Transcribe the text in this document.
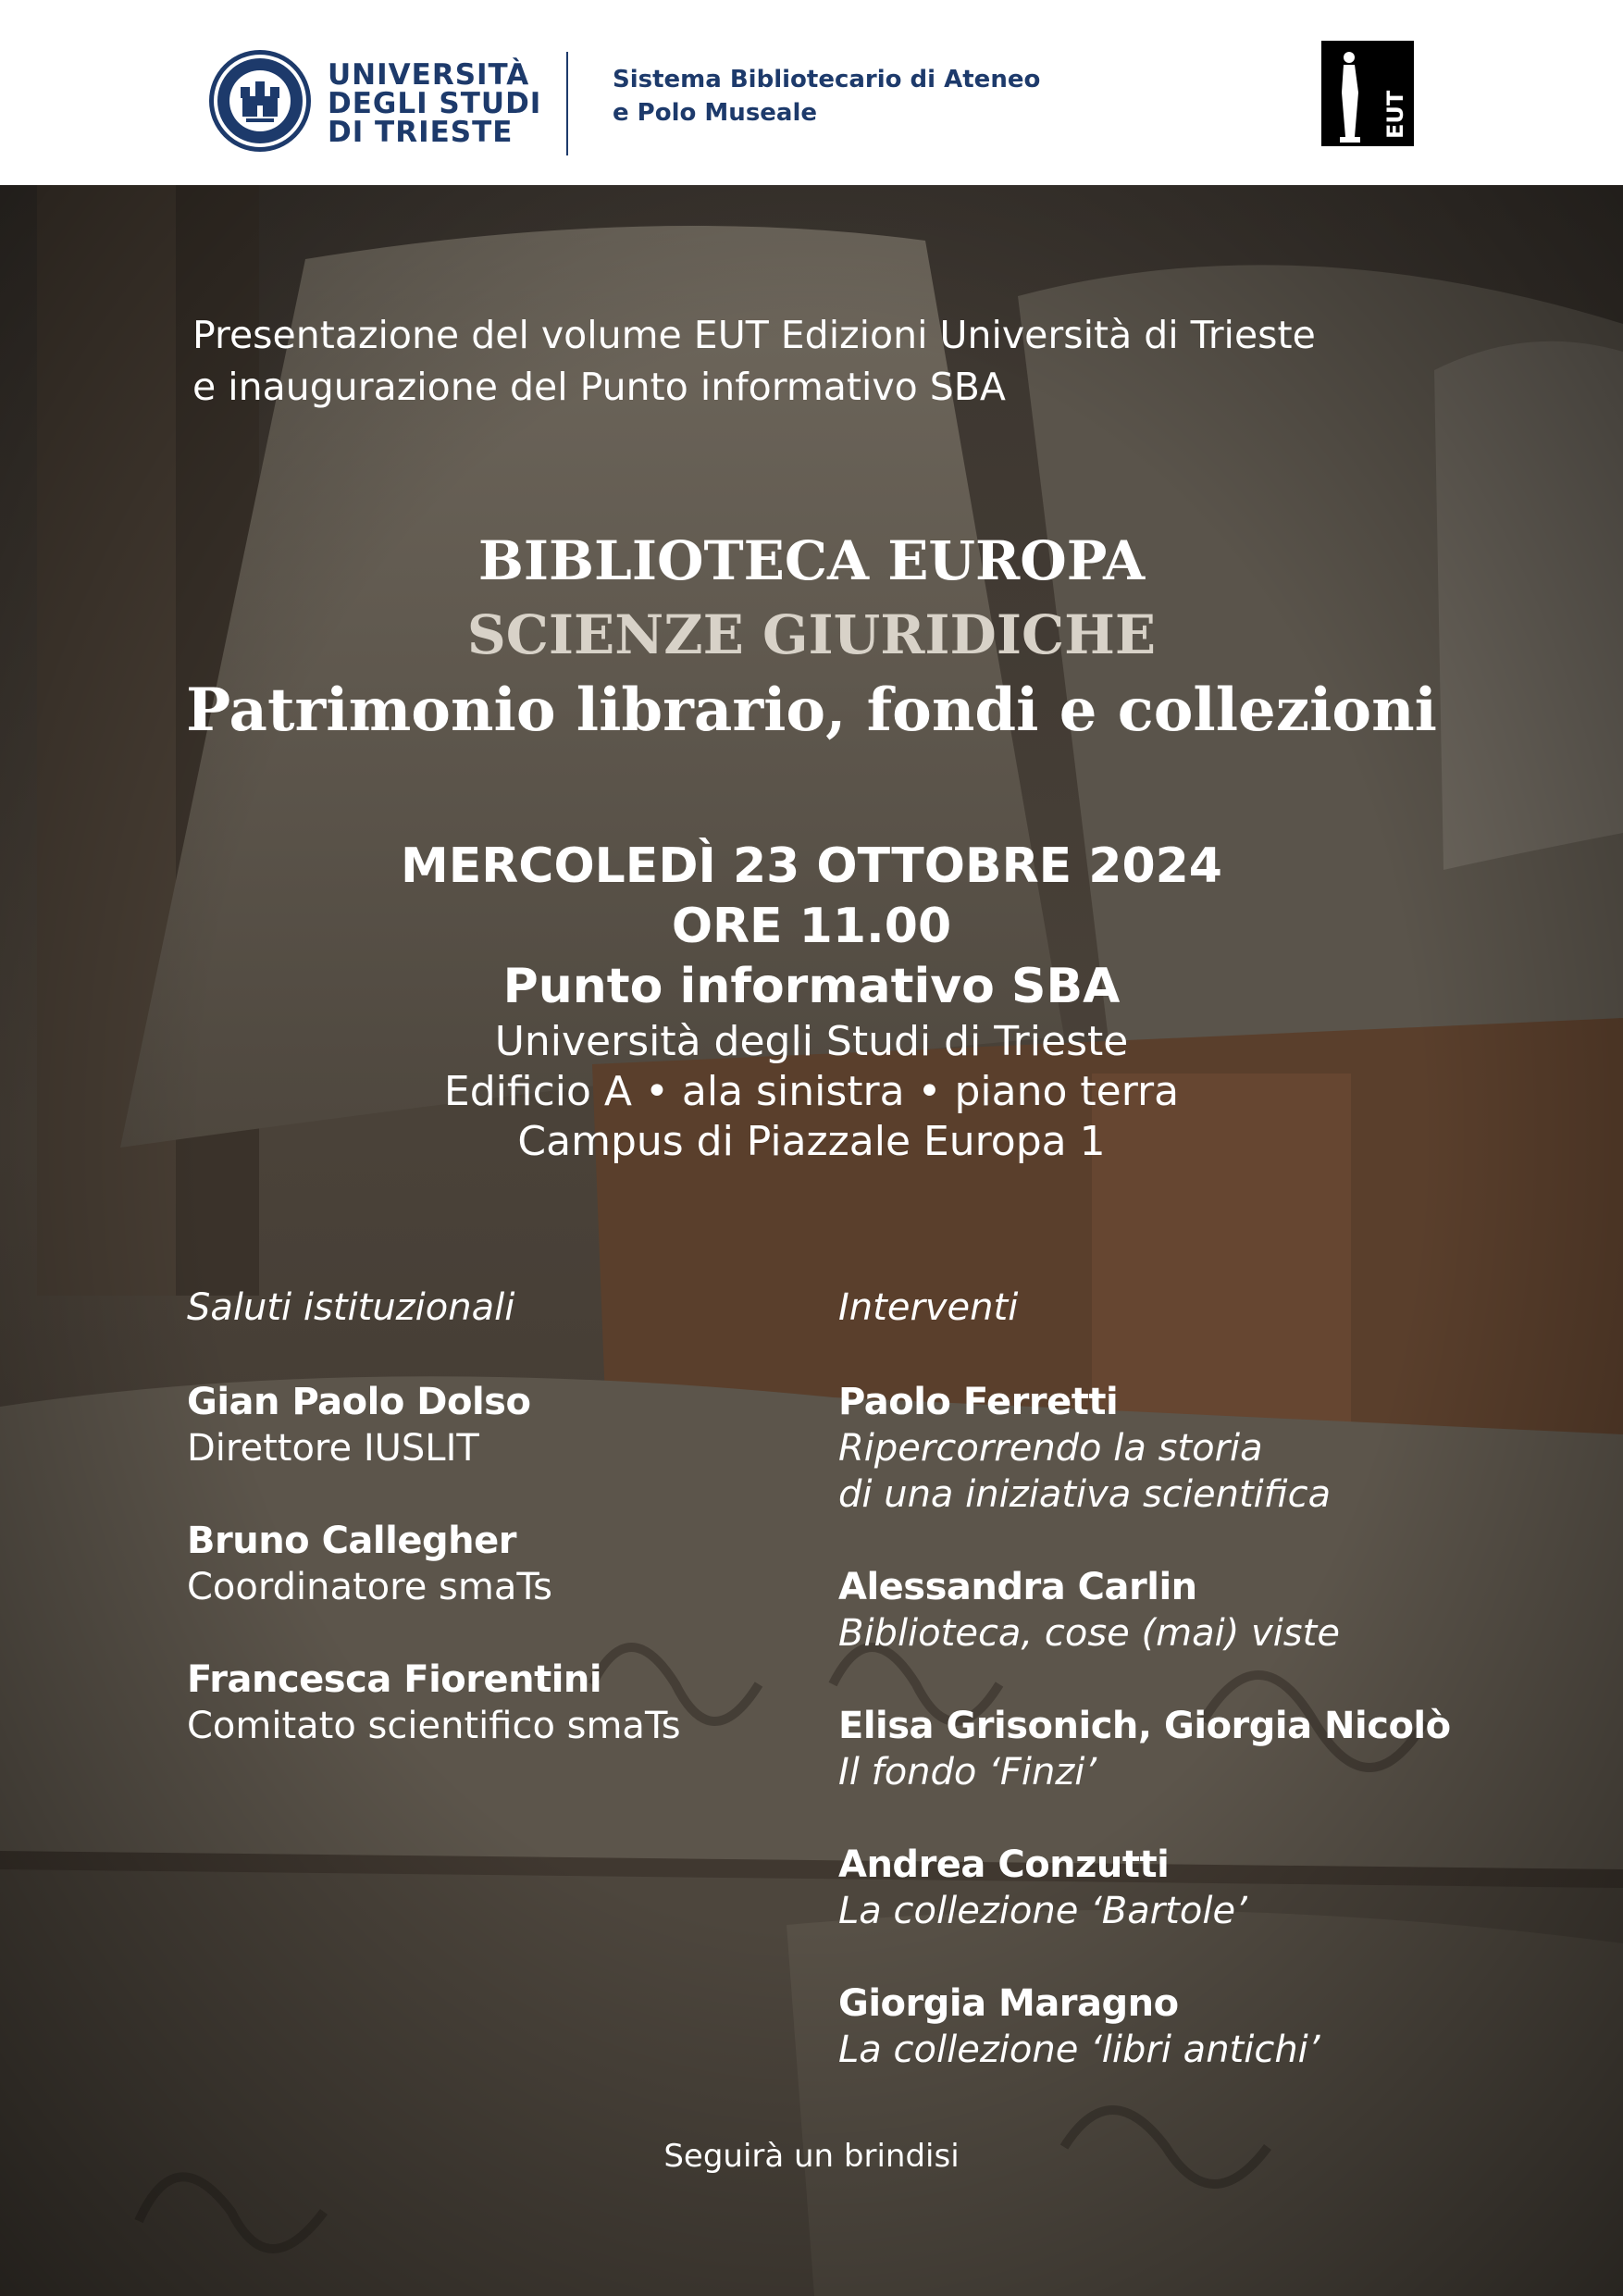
UNIVERSITÀ
DEGLI STUDI
DI TRIESTE
Sistema Bibliotecario di Ateneo
e Polo Museale	EUT
Presentazione del volume EUT Edizioni Università di Trieste
e inaugurazione del Punto informativo SBA
BIBLIOTECA EUROPA
SCIENZE GIURIDICHE
Patrimonio librario, fondi e collezioni
MERCOLEDÌ 23 OTTOBRE 2024
ORE 11.00
Punto informativo SBA
Università degli Studi di Trieste
Edificio A • ala sinistra • piano terra
Campus di Piazzale Europa 1
Saluti istituzionali
Gian Paolo Dolso
Direttore IUSLIT
Bruno Callegher
Coordinatore smaTs
Francesca Fiorentini
Comitato scientifico smaTs
Interventi
Paolo Ferretti
Ripercorrendo la storia
di una iniziativa scientifica
Alessandra Carlin
Biblioteca, cose (mai) viste
Elisa Grisonich, Giorgia Nicolò
Il fondo ‘Finzi’
Andrea Conzutti
La collezione ‘Bartole’
Giorgia Maragno
La collezione ‘libri antichi’
Seguirà un brindisi
